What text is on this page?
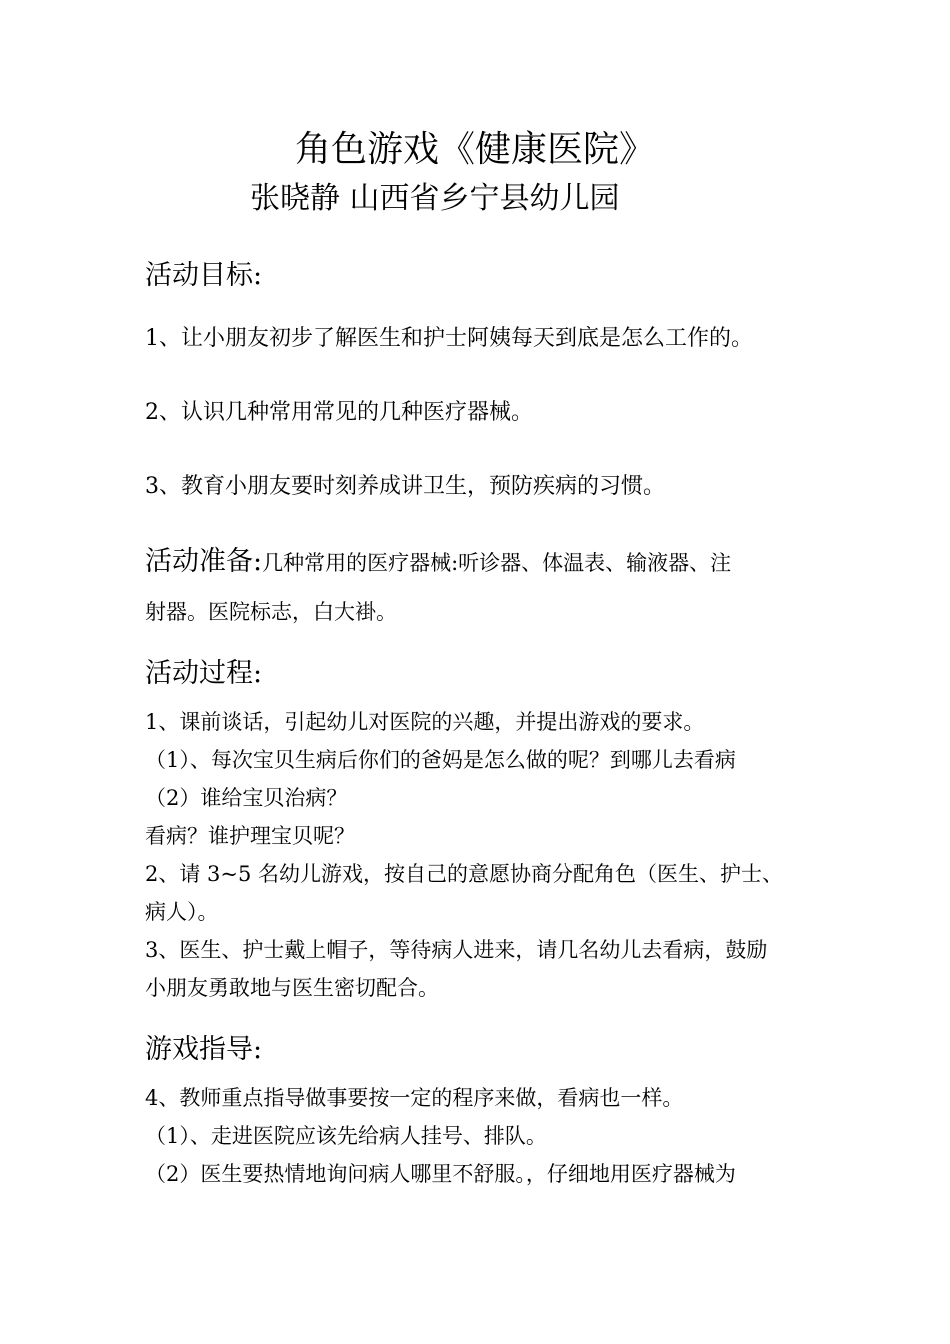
角色游戏《健康医院》
张晓静 山西省乡宁县幼儿园
活动目标:
1、让小朋友初步了解医生和护士阿姨每天到底是怎么工作的。
2、认识几种常用常见的几种医疗器械。
3、教育小朋友要时刻养成讲卫生，预防疾病的习惯。
活动准备:几种常用的医疗器械:听诊器、体温表、输液器、注
射器。医院标志，白大褂。
活动过程:
1、课前谈话，引起幼儿对医院的兴趣，并提出游戏的要求。
（1）、每次宝贝生病后你们的爸妈是怎么做的呢？到哪儿去看病
（2）谁给宝贝治病？
看病？谁护理宝贝呢？
2、请 3~5 名幼儿游戏，按自己的意愿协商分配角色（医生、护士、
病人）。
3、医生、护士戴上帽子，等待病人进来，请几名幼儿去看病，鼓励
小朋友勇敢地与医生密切配合。
游戏指导:
4、教师重点指导做事要按一定的程序来做，看病也一样。
（1）、走进医院应该先给病人挂号、排队。
（2）医生要热情地询问病人哪里不舒服。，仔细地用医疗器械为
